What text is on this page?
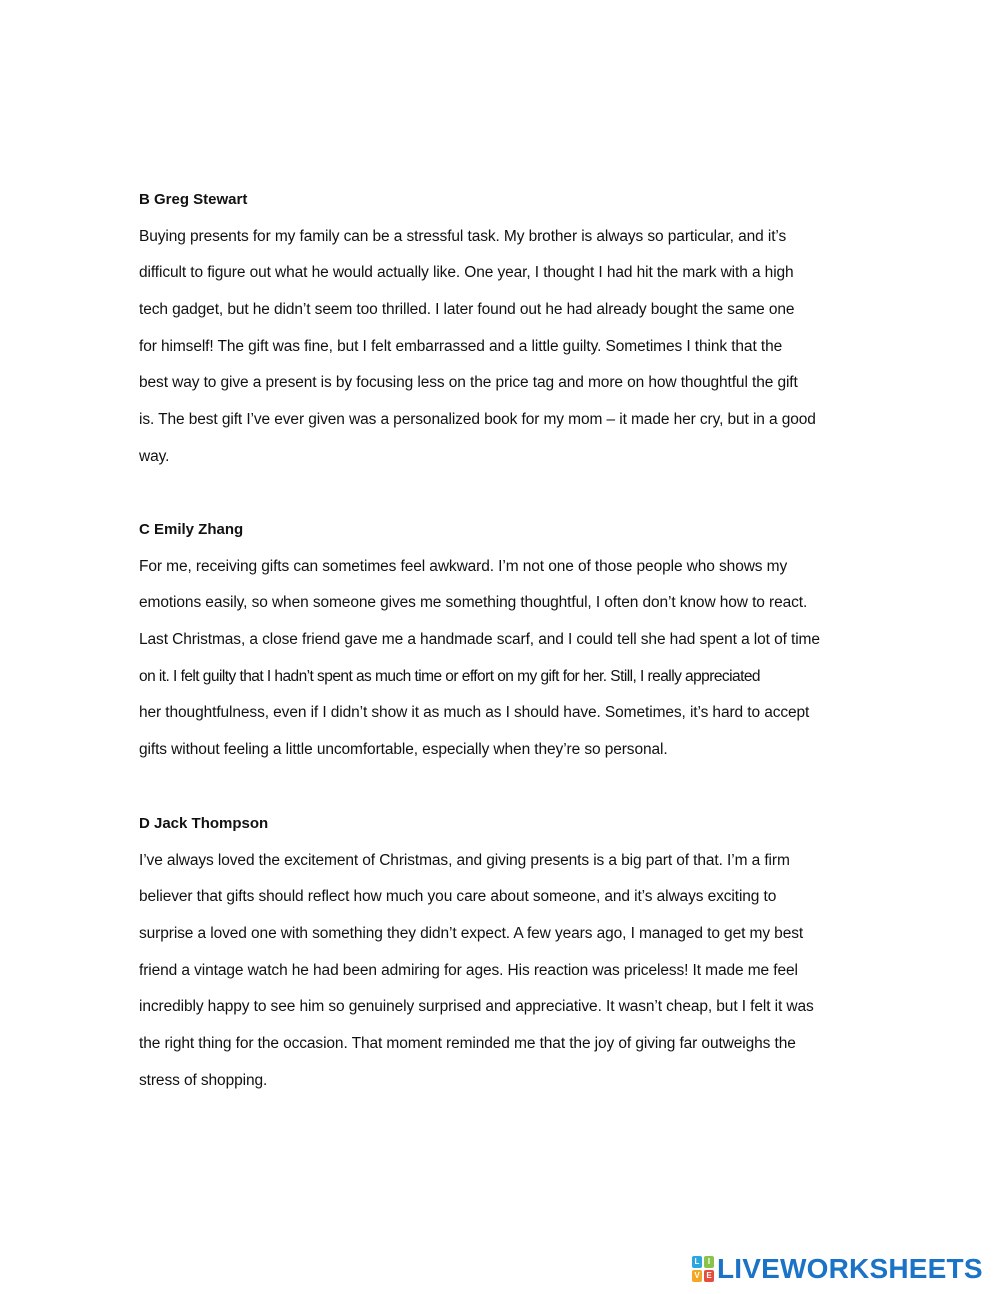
B Greg Stewart

Buying presents for my family can be a stressful task. My brother is always so particular, and it’s

difficult to figure out what he would actually like. One year, I thought I had hit the mark with a high

tech gadget, but he didn’t seem too thrilled. I later found out he had already bought the same one

for himself! The gift was fine, but I felt embarrassed and a little guilty. Sometimes I think that the

best way to give a present is by focusing less on the price tag and more on how thoughtful the gift

is. The best gift I’ve ever given was a personalized book for my mom – it made her cry, but in a good

way.

C Emily Zhang

For me, receiving gifts can sometimes feel awkward. I’m not one of those people who shows my

emotions easily, so when someone gives me something thoughtful, I often don’t know how to react.

Last Christmas, a close friend gave me a handmade scarf, and I could tell she had spent a lot of time

on it. I felt guilty that I hadn’t spent as much time or effort on my gift for her. Still, I really appreciated

her thoughtfulness, even if I didn’t show it as much as I should have. Sometimes, it’s hard to accept

gifts without feeling a little uncomfortable, especially when they’re so personal.

D Jack Thompson

I’ve always loved the excitement of Christmas, and giving presents is a big part of that. I’m a firm

believer that gifts should reflect how much you care about someone, and it’s always exciting to

surprise a loved one with something they didn’t expect. A few years ago, I managed to get my best

friend a vintage watch he had been admiring for ages. His reaction was priceless! It made me feel

incredibly happy to see him so genuinely surprised and appreciative. It wasn’t cheap, but I felt it was

the right thing for the occasion. That moment reminded me that the joy of giving far outweighs the

stress of shopping.

L	I
V E LIVEWORKSHEETS
